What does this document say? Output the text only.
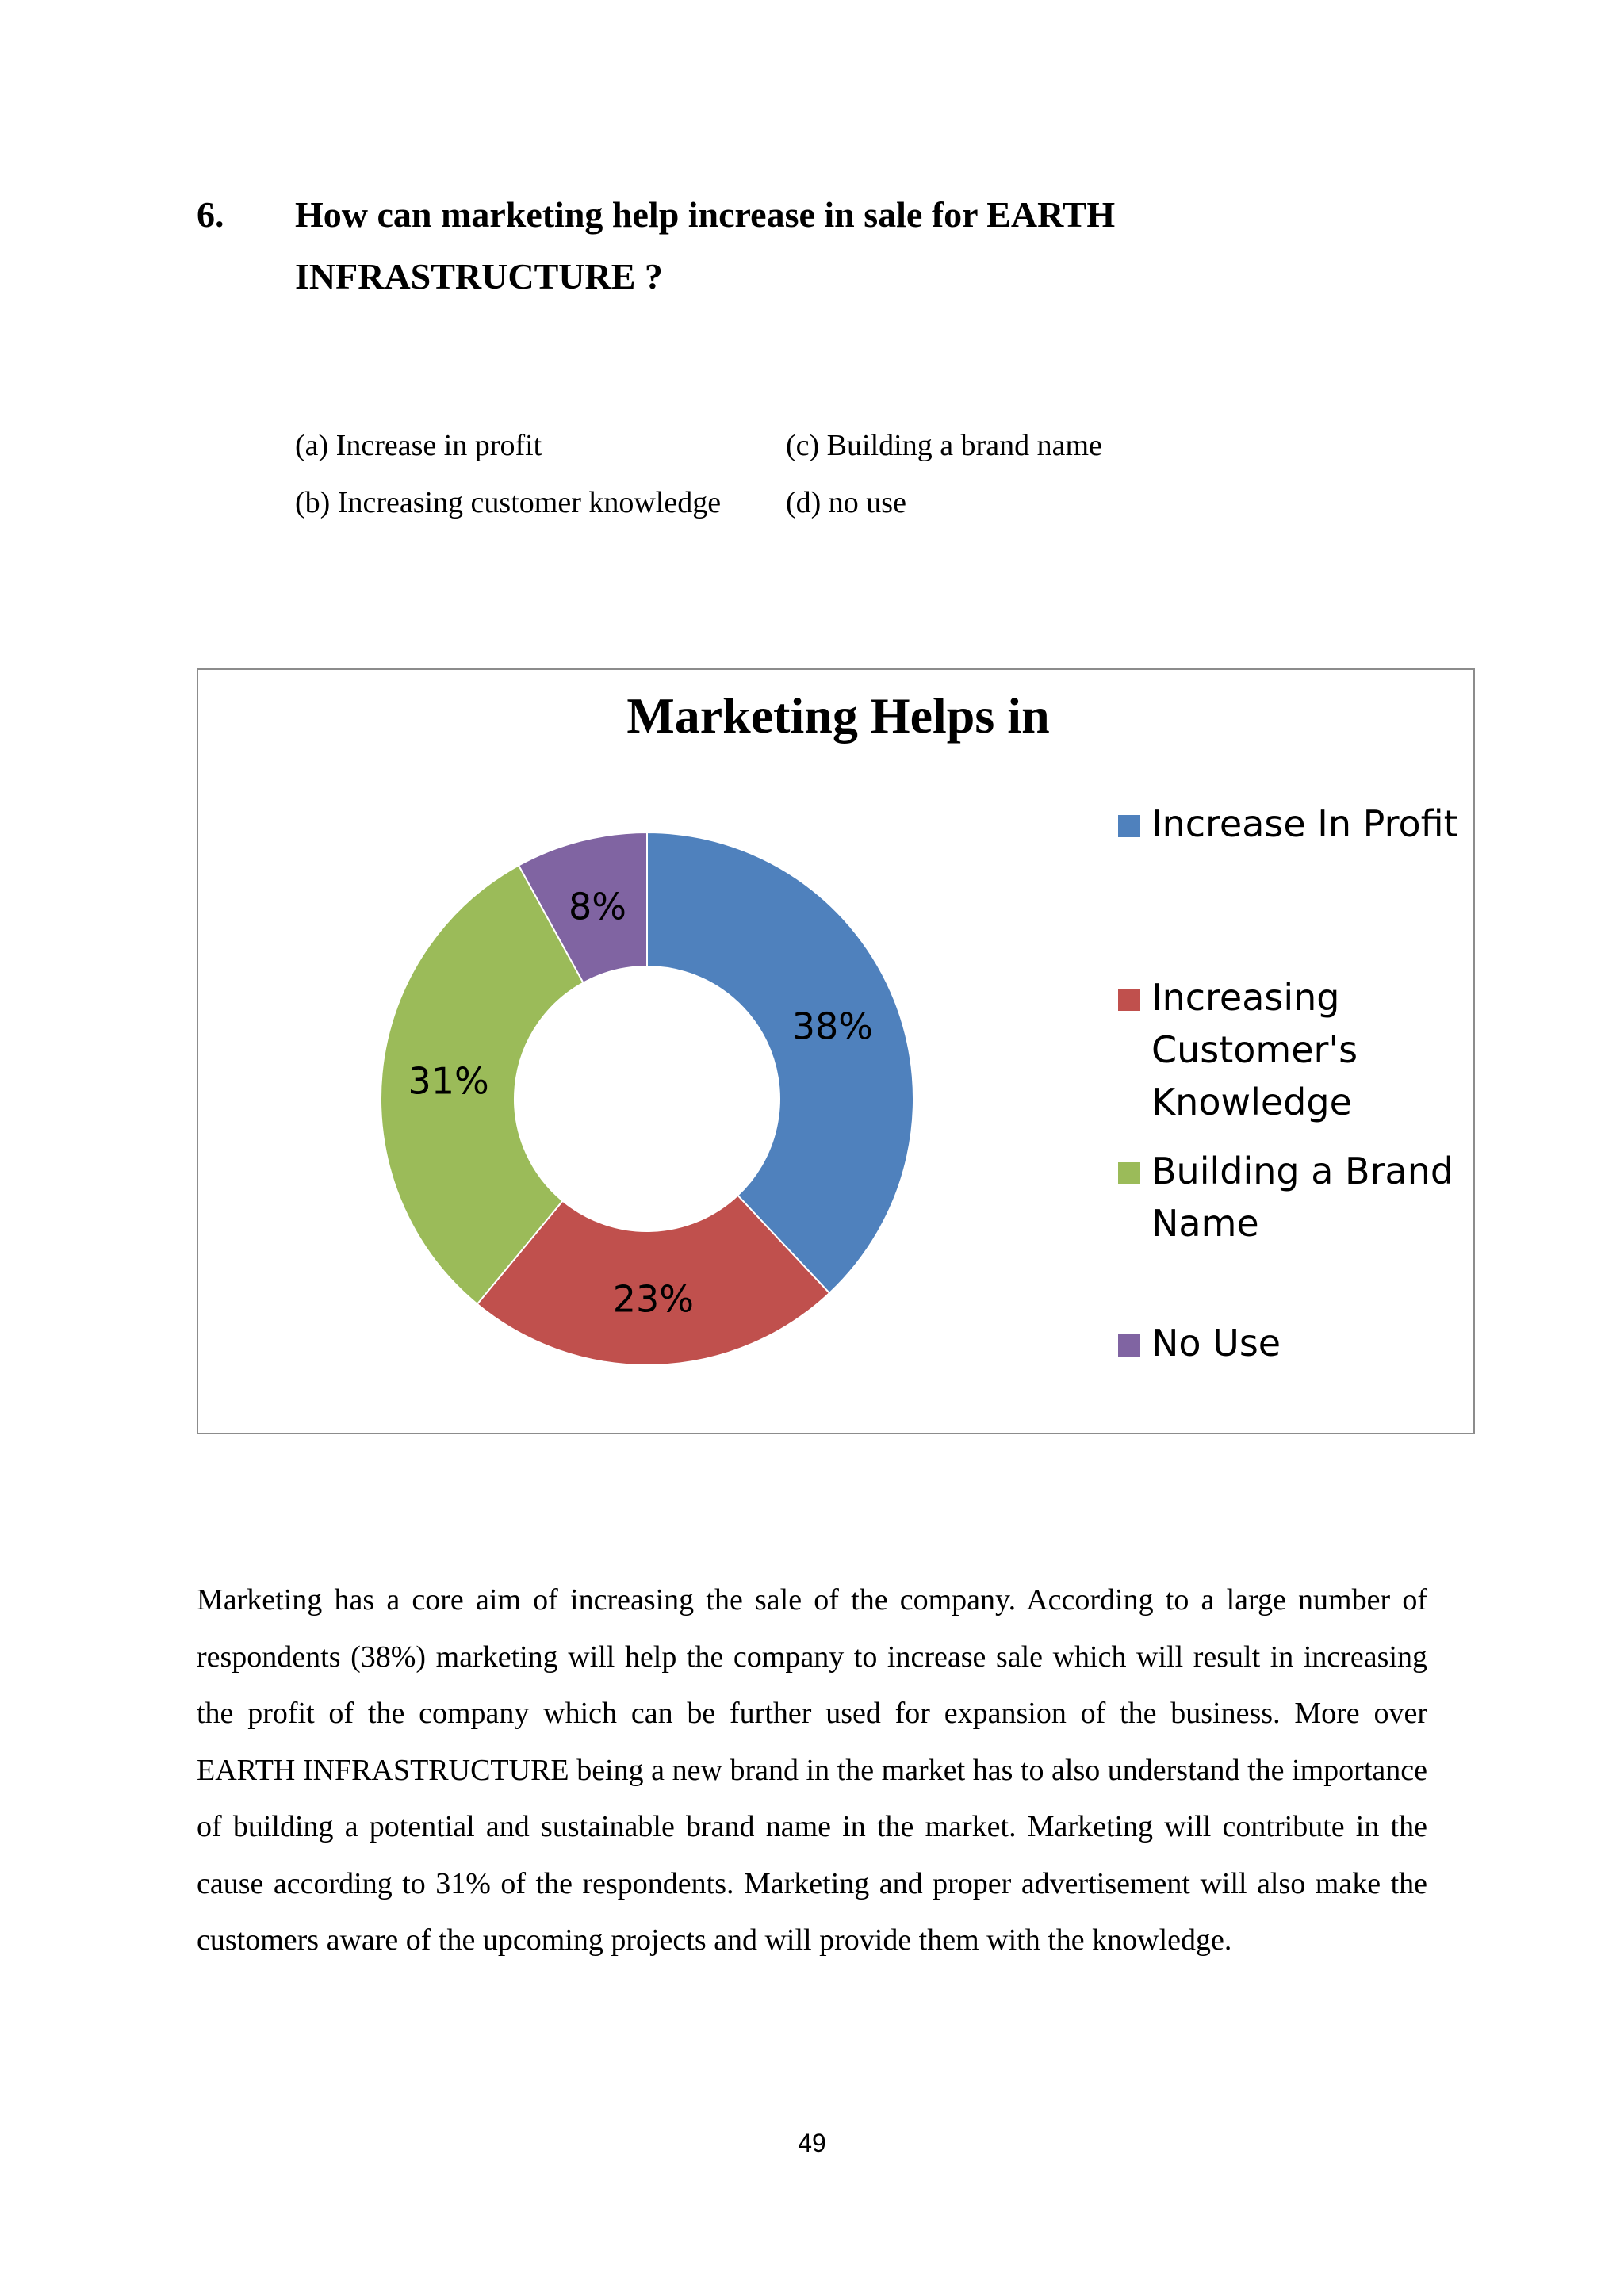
6. How can marketing help increase in sale for EARTH
INFRASTRUCTURE ?
(a) Increase in profit
(b) Increasing customer knowledge
(c) Building a brand name
(d) no use
Marketing Helps in
38%
23%
31%
8%
Increase In Profit
Increasing Customer's Knowledge
Building a Brand Name
No Use
Marketing has a core aim of increasing the sale of the company. According to a large number of respondents (38%) marketing will help the company to increase sale which will result in increasing the profit of the company which can be further used for expansion of the business. More over EARTH INFRASTRUCTURE being a new brand in the market has to also understand the importance of building a potential and sustainable brand name in the market. Marketing will contribute in the cause according to 31% of the respondents. Marketing and proper advertisement will also make the customers aware of the upcoming projects and will provide them with the knowledge.
49
